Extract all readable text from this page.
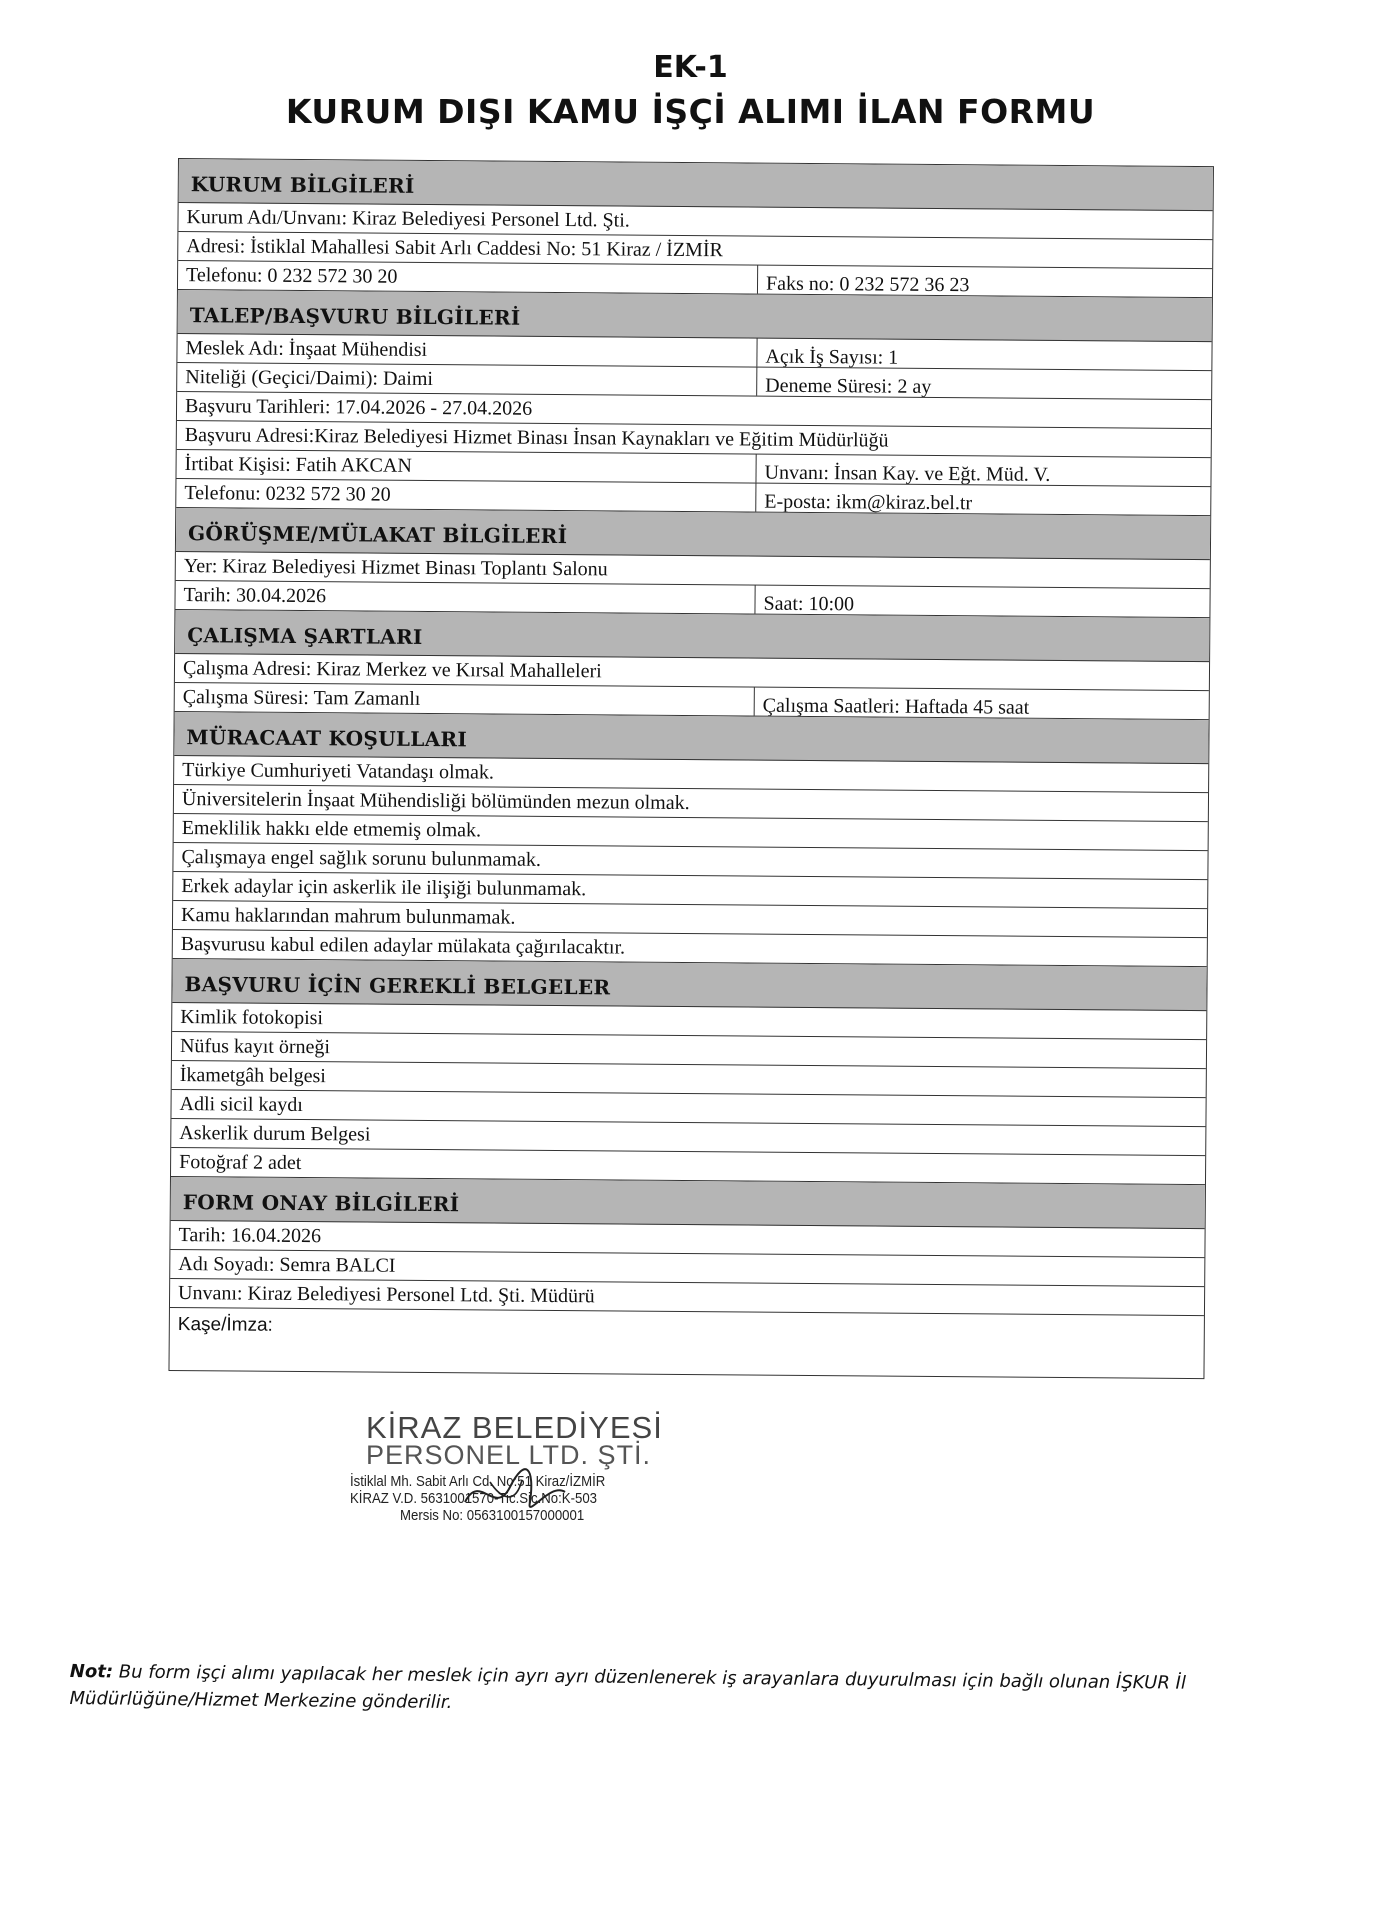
EK-1
KURUM DIŞI KAMU İŞÇİ ALIMI İLAN FORMU
KURUM BİLGİLERİ
Kurum Adı/Unvanı: Kiraz Belediyesi Personel Ltd. Şti.
Adresi: İstiklal Mahallesi Sabit Arlı Caddesi No: 51 Kiraz / İZMİR
Telefonu: 0 232 572 30 20	Faks no: 0 232 572 36 23
TALEP/BAŞVURU BİLGİLERİ
Meslek Adı: İnşaat Mühendisi	Açık İş Sayısı: 1
Niteliği (Geçici/Daimi): Daimi	Deneme Süresi: 2 ay
Başvuru Tarihleri: 17.04.2026 - 27.04.2026
Başvuru Adresi:Kiraz Belediyesi Hizmet Binası İnsan Kaynakları ve Eğitim Müdürlüğü
İrtibat Kişisi: Fatih AKCAN	Unvanı: İnsan Kay. ve Eğt. Müd. V.
Telefonu: 0232 572 30 20	E-posta: ikm@kiraz.bel.tr
GÖRÜŞME/MÜLAKAT BİLGİLERİ
Yer: Kiraz Belediyesi Hizmet Binası Toplantı Salonu
Tarih: 30.04.2026	Saat: 10:00
ÇALIŞMA ŞARTLARI
Çalışma Adresi: Kiraz Merkez ve Kırsal Mahalleleri
Çalışma Süresi: Tam Zamanlı	Çalışma Saatleri: Haftada 45 saat
MÜRACAAT KOŞULLARI
Türkiye Cumhuriyeti Vatandaşı olmak.
Üniversitelerin İnşaat Mühendisliği bölümünden mezun olmak.
Emeklilik hakkı elde etmemiş olmak.
Çalışmaya engel sağlık sorunu bulunmamak.
Erkek adaylar için askerlik ile ilişiği bulunmamak.
Kamu haklarından mahrum bulunmamak.
Başvurusu kabul edilen adaylar mülakata çağırılacaktır.
BAŞVURU İÇİN GEREKLİ BELGELER
Kimlik fotokopisi
Nüfus kayıt örneği
İkametgâh belgesi
Adli sicil kaydı
Askerlik durum Belgesi
Fotoğraf 2 adet
FORM ONAY BİLGİLERİ
Tarih: 16.04.2026
Adı Soyadı: Semra BALCI
Unvanı: Kiraz Belediyesi Personel Ltd. Şti. Müdürü
Kaşe/İmza:
KİRAZ BELEDİYESİ
PERSONEL LTD. ŞTİ.
İstiklal Mh. Sabit Arlı Cd. No:51 Kiraz/İZMİR
KİRAZ V.D. 5631001570-Tic.Sic.No:K-503
Mersis No: 0563100157000001
Not: Bu form işçi alımı yapılacak her meslek için ayrı ayrı düzenlenerek iş arayanlara duyurulması için bağlı olunan İŞKUR İl Müdürlüğüne/Hizmet Merkezine gönderilir.
